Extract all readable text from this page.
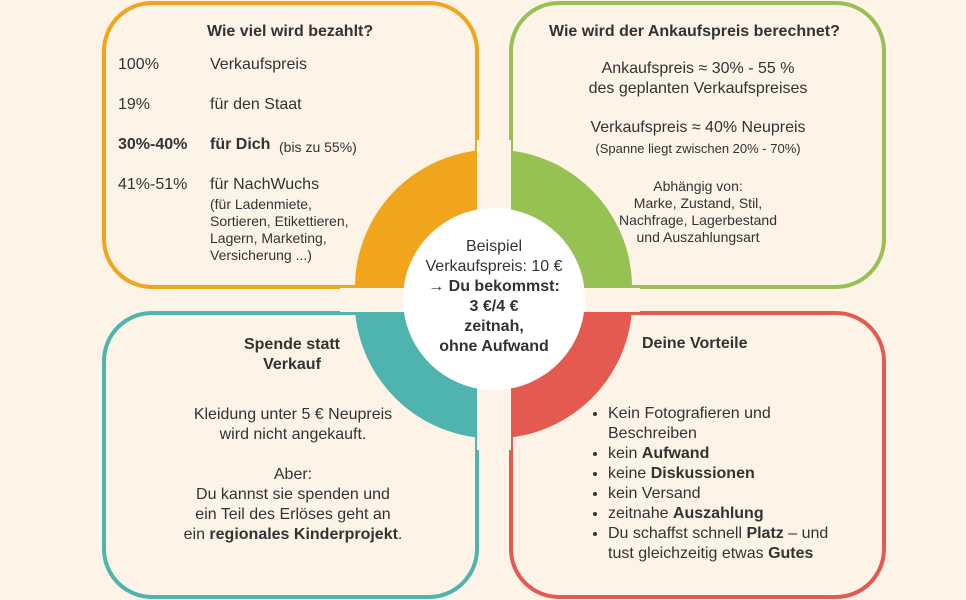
Beispiel
Verkaufspreis: 10 €
→ Du bekommst:
3 €/4 €
zeitnah,
ohne Aufwand
Wie viel wird bezahlt?
100%	Verkaufspreis
19%	für den Staat
30%-40% für Dich (bis zu 55%)
41%-51% für NachWuchs
(für Ladenmiete,
Sortieren, Etikettieren,
Lagern, Marketing,
Versicherung ...)
Wie wird der Ankaufspreis berechnet?
Ankaufspreis ≈ 30% - 55 %
des geplanten Verkaufspreises
Verkaufspreis ≈ 40% Neupreis
(Spanne liegt zwischen 20% - 70%)
Abhängig von:
Marke, Zustand, Stil,
Nachfrage, Lagerbestand
und Auszahlungsart
Spende statt
Verkauf
Kleidung unter 5 € Neupreis
wird nicht angekauft.
Aber:
Du kannst sie spenden und
ein Teil des Erlöses geht an
ein regionales Kinderprojekt.
Deine Vorteile
• Kein Fotografieren und Beschreiben
• kein Aufwand
• keine Diskussionen
• kein Versand
• zeitnahe Auszahlung
• Du schaffst schnell Platz – und tust gleichzeitig etwas Gutes
